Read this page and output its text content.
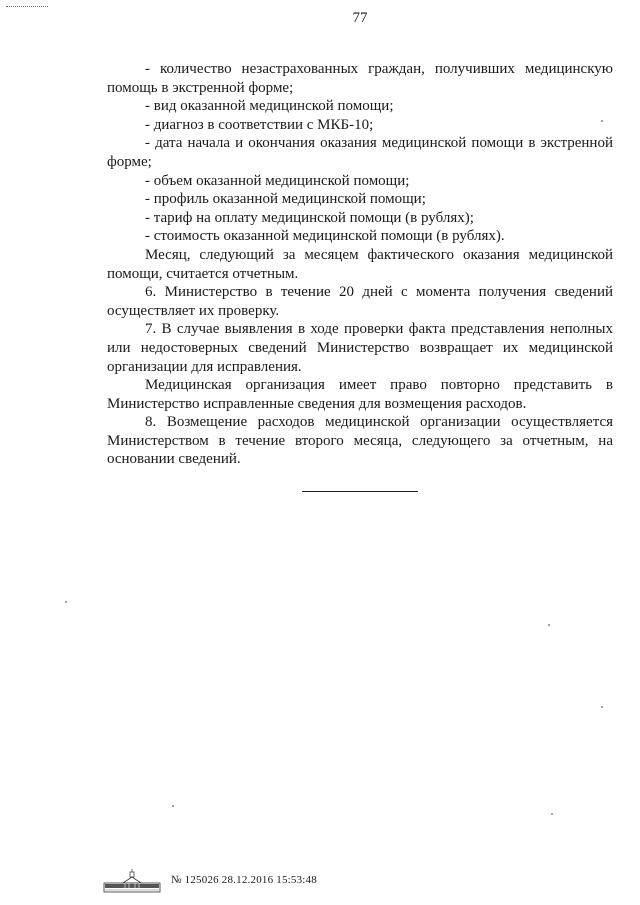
77

- количество незастрахованных граждан, получивших медицинскую помощь в экстренной форме;

- вид оказанной медицинской помощи;

- диагноз в соответствии с МКБ-10;

- дата начала и окончания оказания медицинской помощи в экстренной форме;

- объем оказанной медицинской помощи;

- профиль оказанной медицинской помощи;

- тариф на оплату медицинской помощи (в рублях);

- стоимость оказанной медицинской помощи (в рублях).

Месяц, следующий за месяцем фактического оказания медицинской помощи, считается отчетным.

6. Министерство в течение 20 дней с момента получения сведений осуществляет их проверку.

7. В случае выявления в ходе проверки факта представления неполных или недостоверных сведений Министерство возвращает их медицинской организации для исправления.

Медицинская организация имеет право повторно представить в Министерство исправленные сведения для возмещения расходов.

8. Возмещение расходов медицинской организации осуществляется Министерством в течение второго месяца, следующего за отчетным, на основании сведений.

№ 125026 28.12.2016 15:53:48
